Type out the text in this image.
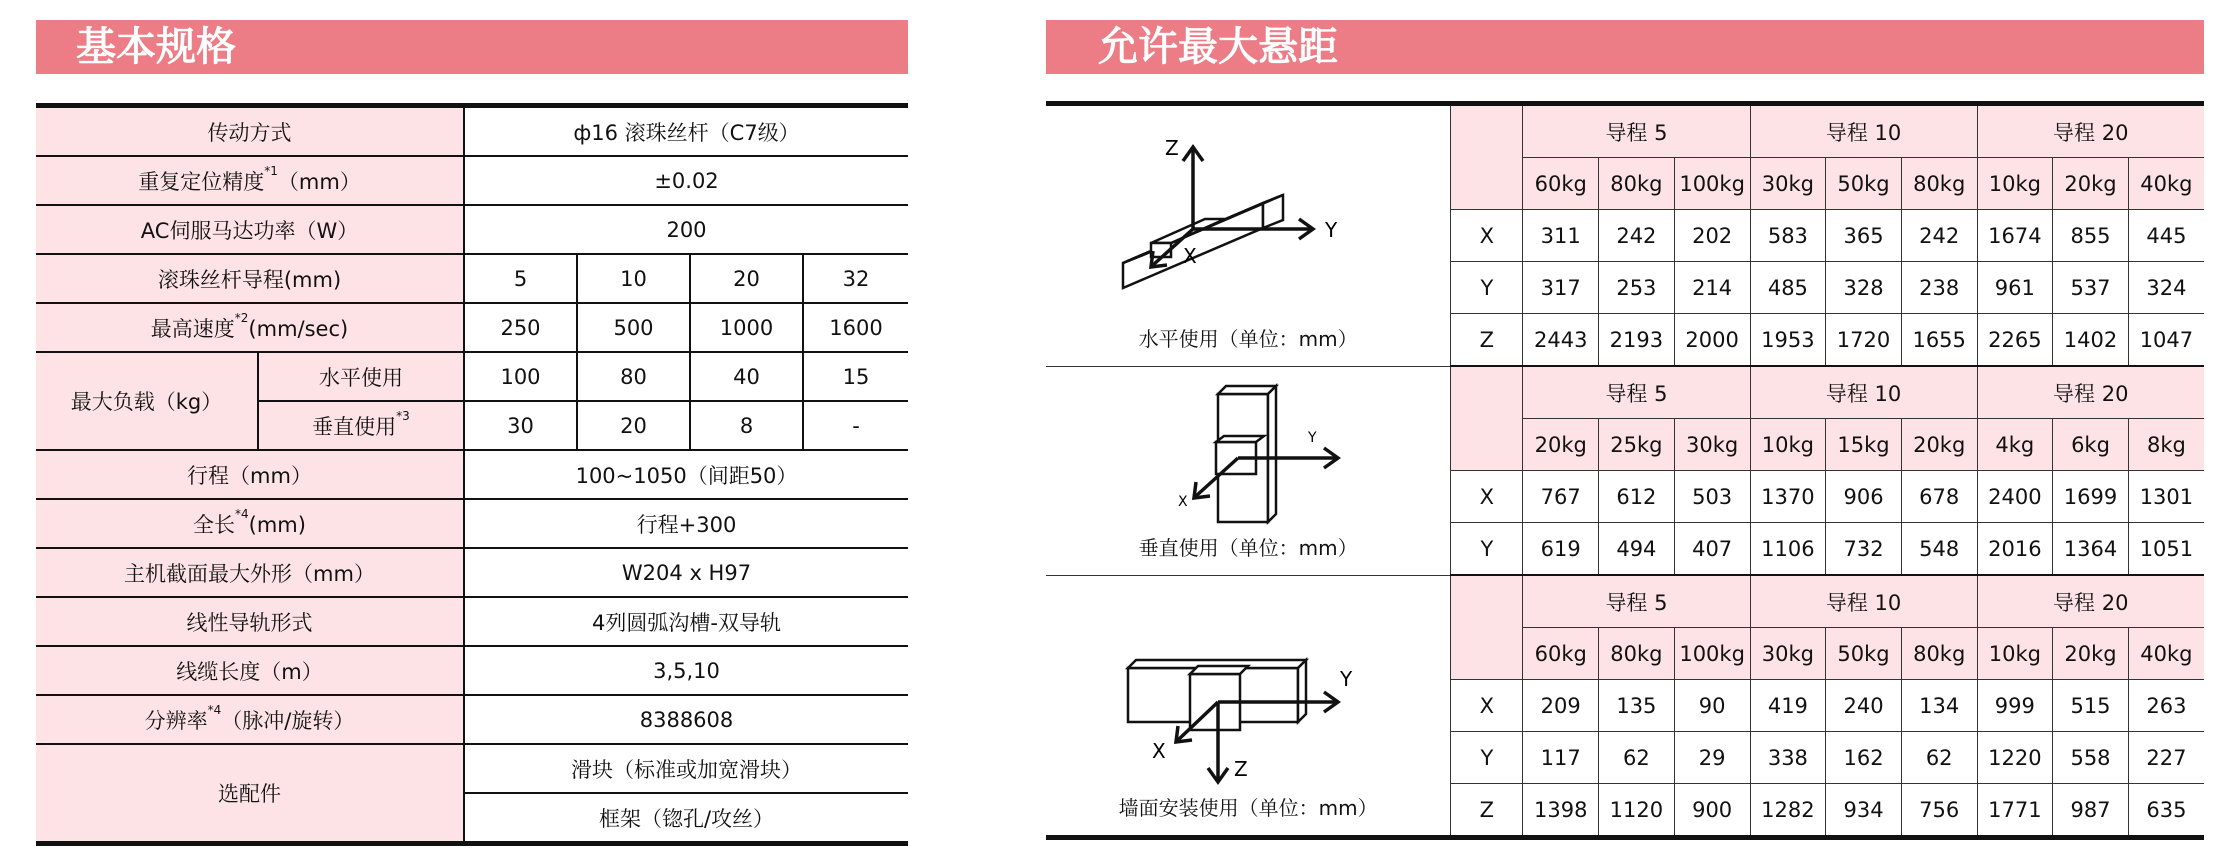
基本规格	允许最大悬距
传动方式		ф16 滚珠丝杆（C7级）			
重复定位精度$^{*1}$（mm）		±0.02			
AC伺服马达功率（W）		200			
滚珠丝杆导程(mm)		5	10	20	32
最高速度$^{*2}$(mm/sec)		250	500	1000	1600
最大负载（kg）	水平使用	100	80	40	15
	垂直使用$^{*3}$	30	20	8	-
行程（mm）		100~1050（间距50）			
全长$^{*4}$(mm)		行程+300			
主机截面最大外形（mm）		W204 x H97			
线性导轨形式		4列圆弧沟槽-双导轨			
线缆长度（m）		3,5,10			
分辨率$^{*4}$（脉冲/旋转）		8388608			
选配件		滑块（标准或加宽滑块）			
		框架（锪孔/攻丝）			
Z
Y
X
水平使用（单位：mm）		导程 5			导程 10			导程 20		
		60kg	80kg	100kg	30kg	50kg	80kg	10kg	20kg	40kg
	X	311	242	202	583	365	242	1674	855	445
	Y	317	253	214	485	328	238	961	537	324
	Z	2443	2193	2000	1953	1720	1655	2265	1402	1047

Y
X
垂直使用（单位：mm）		导程 5			导程 10			导程 20		
		20kg	25kg	30kg	10kg	15kg	20kg	4kg	6kg	8kg
	X	767	612	503	1370	906	678	2400	1699	1301
	Y	619	494	407	1106	732	548	2016	1364	1051

Y
X
Z
墙面安装使用（单位：mm）		导程 5			导程 10			导程 20		
		60kg	80kg	100kg	30kg	50kg	80kg	10kg	20kg	40kg
	X	209	135	90	419	240	134	999	515	263
	Y	117	62	29	338	162	62	1220	558	227
	Z	1398	1120	900	1282	934	756	1771	987	635
